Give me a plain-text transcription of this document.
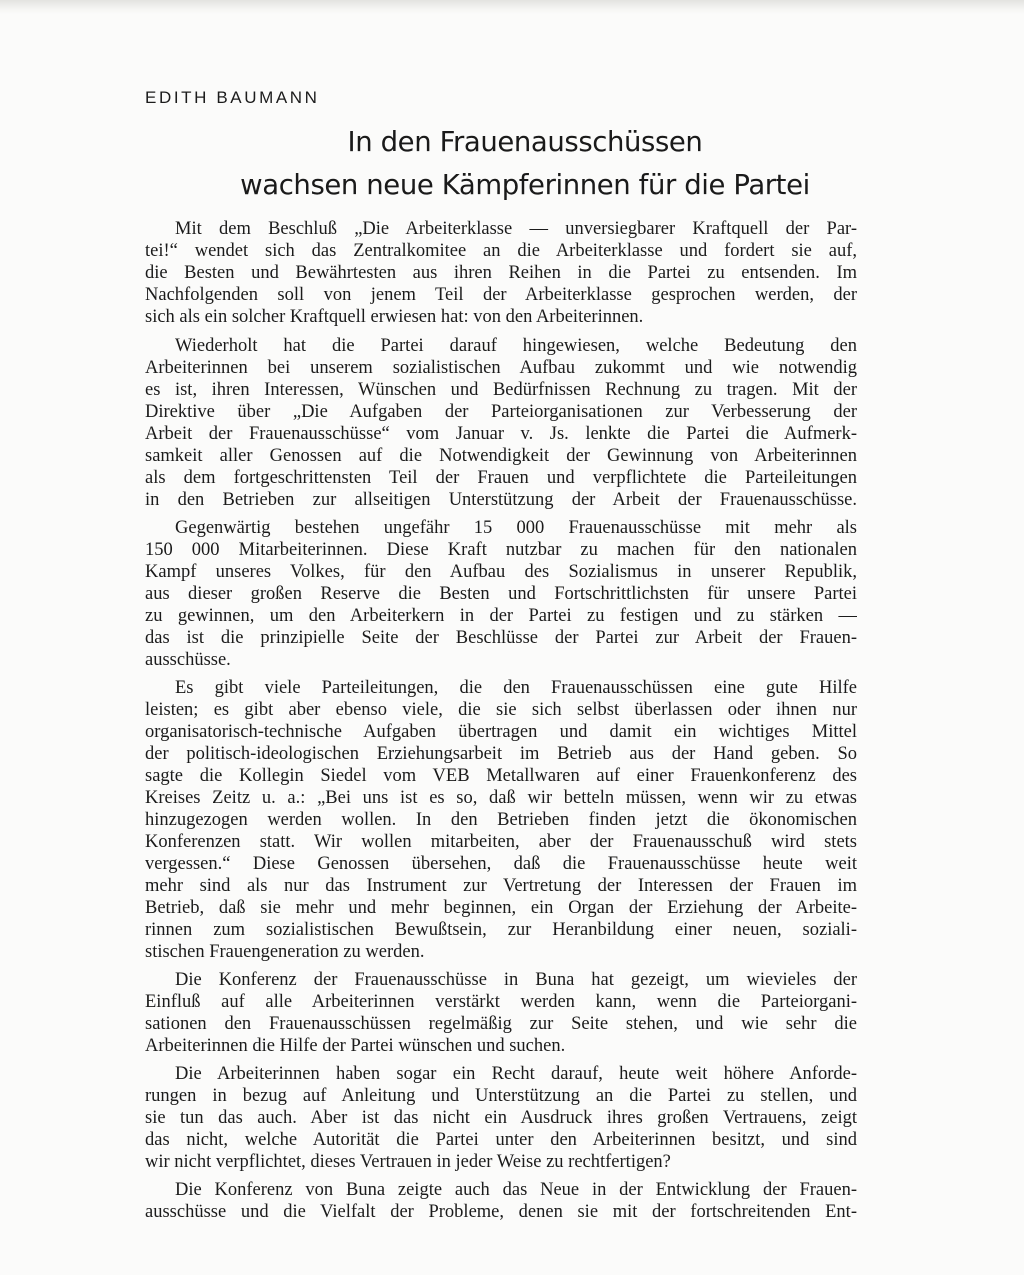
EDITH BAUMANN
In den Frauenausschüssen
wachsen neue Kämpferinnen für die Partei
Mit dem Beschluß „Die Arbeiterklasse — unversiegbarer Kraftquell der Par-
tei!“ wendet sich das Zentralkomitee an die Arbeiterklasse und fordert sie auf,
die Besten und Bewährtesten aus ihren Reihen in die Partei zu entsenden. Im
Nachfolgenden soll von jenem Teil der Arbeiterklasse gesprochen werden, der
sich als ein solcher Kraftquell erwiesen hat: von den Arbeiterinnen.
Wiederholt hat die Partei darauf hingewiesen, welche Bedeutung den
Arbeiterinnen bei unserem sozialistischen Aufbau zukommt und wie notwendig
es ist, ihren Interessen, Wünschen und Bedürfnissen Rechnung zu tragen. Mit der
Direktive über „Die Aufgaben der Parteiorganisationen zur Verbesserung der
Arbeit der Frauenausschüsse“ vom Januar v. Js. lenkte die Partei die Aufmerk-
samkeit aller Genossen auf die Notwendigkeit der Gewinnung von Arbeiterinnen
als dem fortgeschrittensten Teil der Frauen und verpflichtete die Parteileitungen
in den Betrieben zur allseitigen Unterstützung der Arbeit der Frauenausschüsse.
Gegenwärtig bestehen ungefähr 15 000 Frauenausschüsse mit mehr als
150 000 Mitarbeiterinnen. Diese Kraft nutzbar zu machen für den nationalen
Kampf unseres Volkes, für den Aufbau des Sozialismus in unserer Republik,
aus dieser großen Reserve die Besten und Fortschrittlichsten für unsere Partei
zu gewinnen, um den Arbeiterkern in der Partei zu festigen und zu stärken —
das ist die prinzipielle Seite der Beschlüsse der Partei zur Arbeit der Frauen-
ausschüsse.
Es gibt viele Parteileitungen, die den Frauenausschüssen eine gute Hilfe
leisten; es gibt aber ebenso viele, die sie sich selbst überlassen oder ihnen nur
organisatorisch-technische Aufgaben übertragen und damit ein wichtiges Mittel
der politisch-ideologischen Erziehungsarbeit im Betrieb aus der Hand geben. So
sagte die Kollegin Siedel vom VEB Metallwaren auf einer Frauenkonferenz des
Kreises Zeitz u. a.: „Bei uns ist es so, daß wir betteln müssen, wenn wir zu etwas
hinzugezogen werden wollen. In den Betrieben finden jetzt die ökonomischen
Konferenzen statt. Wir wollen mitarbeiten, aber der Frauenausschuß wird stets
vergessen.“ Diese Genossen übersehen, daß die Frauenausschüsse heute weit
mehr sind als nur das Instrument zur Vertretung der Interessen der Frauen im
Betrieb, daß sie mehr und mehr beginnen, ein Organ der Erziehung der Arbeite-
rinnen zum sozialistischen Bewußtsein, zur Heranbildung einer neuen, soziali-
stischen Frauengeneration zu werden.
Die Konferenz der Frauenausschüsse in Buna hat gezeigt, um wievieles der
Einfluß auf alle Arbeiterinnen verstärkt werden kann, wenn die Parteiorgani-
sationen den Frauenausschüssen regelmäßig zur Seite stehen, und wie sehr die
Arbeiterinnen die Hilfe der Partei wünschen und suchen.
Die Arbeiterinnen haben sogar ein Recht darauf, heute weit höhere Anforde-
rungen in bezug auf Anleitung und Unterstützung an die Partei zu stellen, und
sie tun das auch. Aber ist das nicht ein Ausdruck ihres großen Vertrauens, zeigt
das nicht, welche Autorität die Partei unter den Arbeiterinnen besitzt, und sind
wir nicht verpflichtet, dieses Vertrauen in jeder Weise zu rechtfertigen?
Die Konferenz von Buna zeigte auch das Neue in der Entwicklung der Frauen-
ausschüsse und die Vielfalt der Probleme, denen sie mit der fortschreitenden Ent-
